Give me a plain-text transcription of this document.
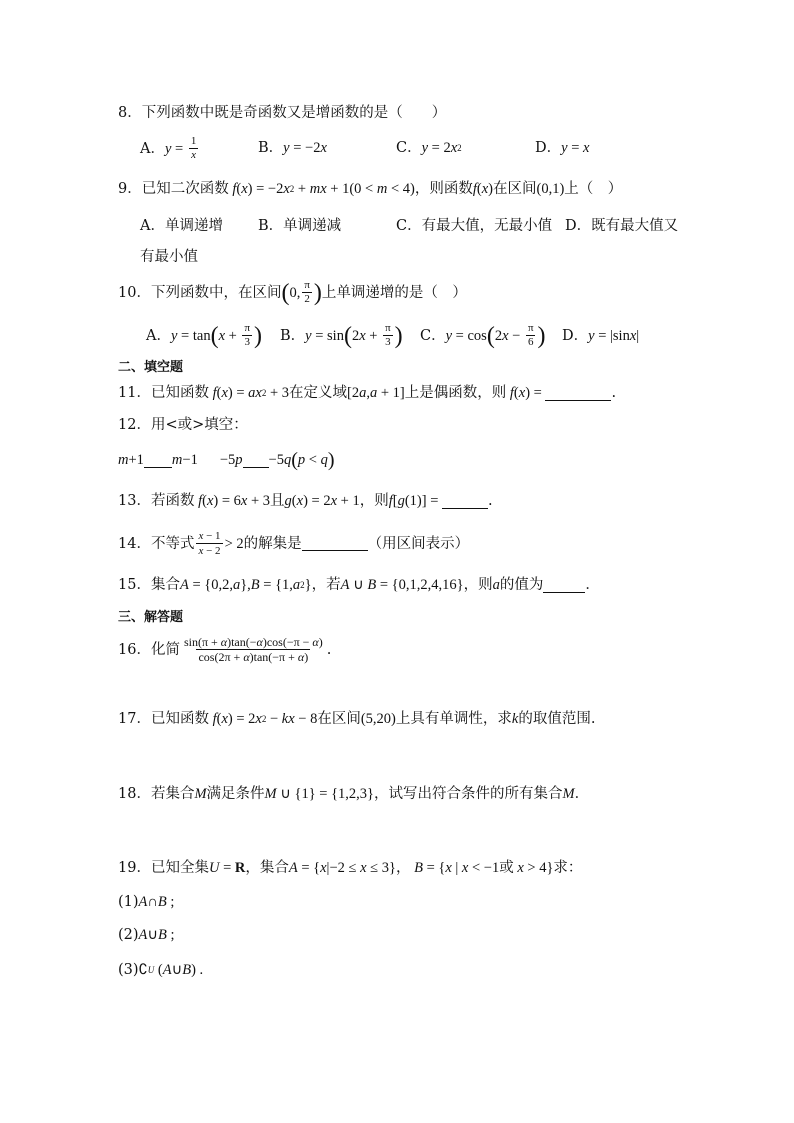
8．下列函数中既是奇函数又是增函数的是（　　）
A． $y = \frac{1}{x}$	B． y = −2 x	C． y = 2 x 2	D． y = x
9．已知二次函数 f ( x ) = −2 x 2 + mx + 1(0 < m < 4) ，则函数 f ( x ) 在区间 (0,1) 上（　）
A．单调递增 B．单调递减	C．有最大值，无最小值 D．既有最大值又
有最小值
10．下列函数中，在区间 ( 0, $\frac{\pi}{2}$ ) 上单调递增的是（　）
A． y = tan ( $x + \frac{\pi}{3}$ ) B． y = sin ( 2 $x + \frac{\pi}{3}$ ) C． y = cos ( 2 $x - \frac{\pi}{6}$ ) D． y = |sin x |
二、填空题
11．已知函数 f ( x ) = ax 2 + 3 在定义域 [2 a , a + 1] 上是偶函数，则 f ( x ) =	.
12．用<或>填空：
m +1 m −1 −5 p −5 q ( p < q )
13．若函数 f ( x ) = 6 x + 3 且 g ( x ) = 2 x + 1 ，则 f [ g (1)] =	.
14．不等式 $\frac{x - 1}{x - 2} > 2$ 的解集是	（用区间表示）
15．集合 A = {0,2, a }, B = {1, a 2 } ，若 A ∪ B = {0,1,2,4,16} ，则 a 的值为	．
三、解答题
16．化简 $\frac{\sin(\pi + \alpha)\tan(-\alpha)\cos(-\pi - \alpha)}{\cos(2\pi + \alpha)\tan(-\pi + \alpha)}$ .
17．已知函数 f ( x ) = 2 x 2 − kx − 8 在区间 (5,20) 上具有单调性，求 k 的取值范围.
18．若集合 M 满足条件 M ∪ {1} = {1,2,3} ，试写出符合条件的所有集合 M ．
19．已知全集 U = R ，集合 A = { x |−2 ≤ x ≤ 3} ， B = { x | x < −1或 x > 4} 求：
(1) A ∩ B ;
(2) A ∪ B ;
(3) ∁ U ( A ∪ B ) .
